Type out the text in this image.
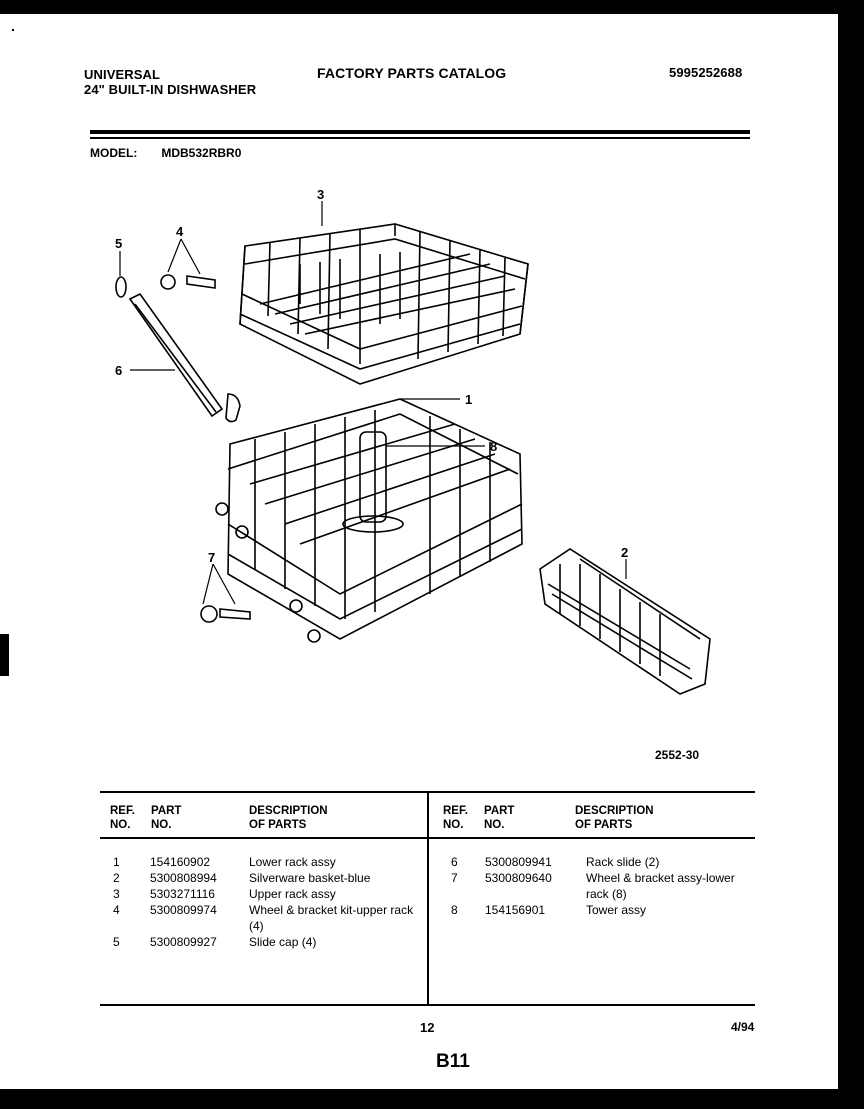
UNIVERSAL
24" BUILT-IN DISHWASHER
FACTORY PARTS CATALOG	5995252688
MODEL: MDB532RBR0
3
4
5
6
1
8
2
7
2552-30
REF.
NO.
PART
NO.
DESCRIPTION
OF PARTS
REF.
NO.
PART
NO.
DESCRIPTION
OF PARTS
1	154160902	Lower rack assy
2	5300808994	Silverware basket-blue
3	5303271116	Upper rack assy
4	5300809974	Wheel & bracket kit-upper rack (4)
5	5300809927	Slide cap (4)
6 5300809941	Rack slide (2)
7 5300809640	Wheel & bracket assy-lower rack (8)
8 154156901	Tower assy
12	4/94
B11
